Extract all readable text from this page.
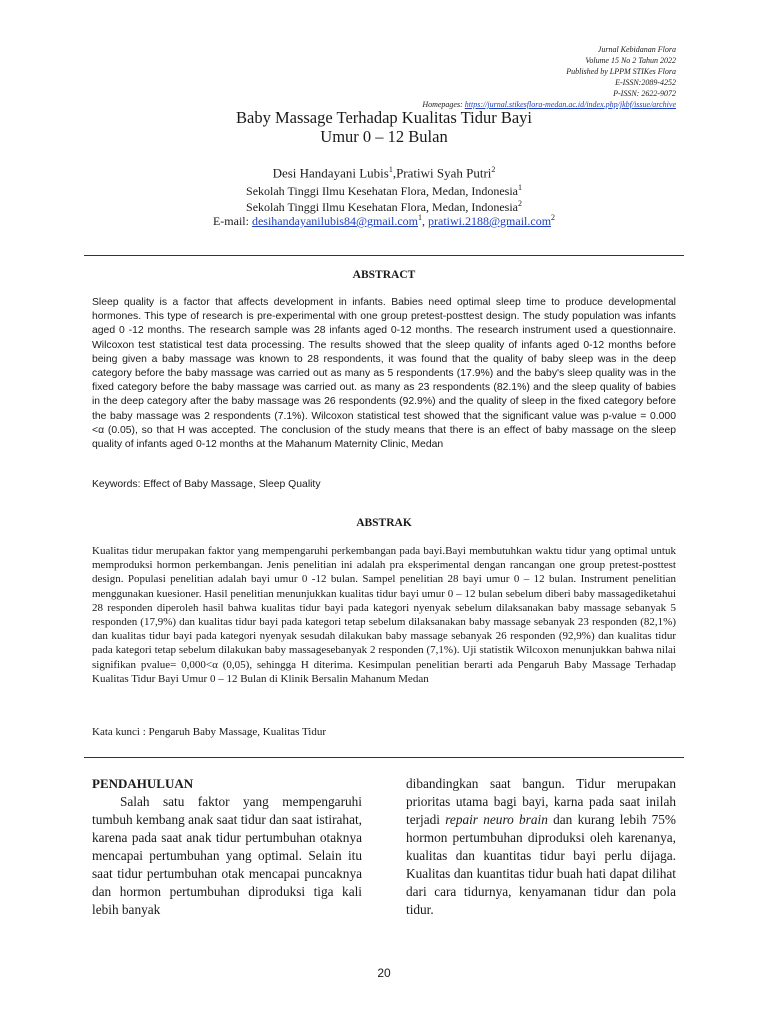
Jurnal Kebidanan Flora
Volume 15 No 2 Tahun 2022
Published by LPPM STIKes Flora
E-ISSN:2089-4252
P-ISSN: 2622-9072
Homepages: https://jurnal.stikesflora-medan.ac.id/index.php/jkbf/issue/archive
Baby Massage Terhadap Kualitas Tidur Bayi
Umur 0 – 12 Bulan
Desi Handayani Lubis$^1$,Pratiwi Syah Putri$^2$
Sekolah Tinggi Ilmu Kesehatan Flora, Medan, Indonesia$^1$
Sekolah Tinggi Ilmu Kesehatan Flora, Medan, Indonesia$^2$
E-mail: desihandayanilubis84@gmail.com$^1$, pratiwi.2188@gmail.com$^2$
ABSTRACT
Sleep quality is a factor that affects development in infants. Babies need optimal sleep time to produce developmental hormones. This type of research is pre-experimental with one group pretest-posttest design. The study population was infants aged 0 -12 months. The research sample was 28 infants aged 0-12 months. The research instrument used a questionnaire. Wilcoxon test statistical test data processing. The results showed that the sleep quality of infants aged 0-12 months before being given a baby massage was known to 28 respondents, it was found that the quality of baby sleep was in the deep category before the baby massage was carried out as many as 5 respondents (17.9%) and the baby's sleep quality was in the fixed category before the baby massage was carried out. as many as 23 respondents (82.1%) and the sleep quality of babies in the deep category after the baby massage was 26 respondents (92.9%) and the quality of sleep in the fixed category before the baby massage was 2 respondents (7.1%). Wilcoxon statistical test showed that the significant value was p-value = 0.000 <α (0.05), so that H was accepted. The conclusion of the study means that there is an effect of baby massage on the sleep quality of infants aged 0-12 months at the Mahanum Maternity Clinic, Medan
Keywords: Effect of Baby Massage, Sleep Quality
ABSTRAK
Kualitas tidur merupakan faktor yang mempengaruhi perkembangan pada bayi.Bayi membutuhkan waktu tidur yang optimal untuk memproduksi hormon perkembangan. Jenis penelitian ini adalah pra eksperimental dengan rancangan one group pretest-posttest design. Populasi penelitian adalah bayi umur 0 -12 bulan. Sampel penelitian 28 bayi umur 0 – 12 bulan. Instrument penelitian menggunakan kuesioner. Hasil penelitian menunjukkan kualitas tidur bayi umur 0 – 12 bulan sebelum diberi baby massagediketahui 28 responden diperoleh hasil bahwa kualitas tidur bayi pada kategori nyenyak sebelum dilaksanakan baby massage sebanyak 5 responden (17,9%) dan kualitas tidur bayi pada kategori tetap sebelum dilaksanakan baby massage sebanyak 23 responden (82,1%) dan kualitas tidur bayi pada kategori nyenyak sesudah dilakukan baby massage sebanyak 26 responden (92,9%) dan kualitas tidur pada kategori tetap sebelum dilakukan baby massagesebanyak 2 responden (7,1%). Uji statistik Wilcoxon menunjukkan bahwa nilai signifikan pvalue= 0,000<α (0,05), sehingga H diterima. Kesimpulan penelitian berarti ada Pengaruh Baby Massage Terhadap Kualitas Tidur Bayi Umur 0 – 12 Bulan di Klinik Bersalin Mahanum Medan
Kata kunci : Pengaruh Baby Massage, Kualitas Tidur
PENDAHULUAN

Salah satu faktor yang mempengaruhi tumbuh kembang anak saat tidur dan saat istirahat, karena pada saat anak tidur pertumbuhan otaknya mencapai pertumbuhan yang optimal. Selain itu saat tidur pertumbuhan otak mencapai puncaknya dan hormon pertumbuhan diproduksi tiga kali lebih banyak

dibandingkan saat bangun. Tidur merupakan prioritas utama bagi bayi, karna pada saat inilah terjadi repair neuro brain dan kurang lebih 75% hormon pertumbuhan diproduksi oleh karenanya, kualitas dan kuantitas tidur bayi perlu dijaga. Kualitas dan kuantitas tidur buah hati dapat dilihat dari cara tidurnya, kenyamanan tidur dan pola tidur.

20
